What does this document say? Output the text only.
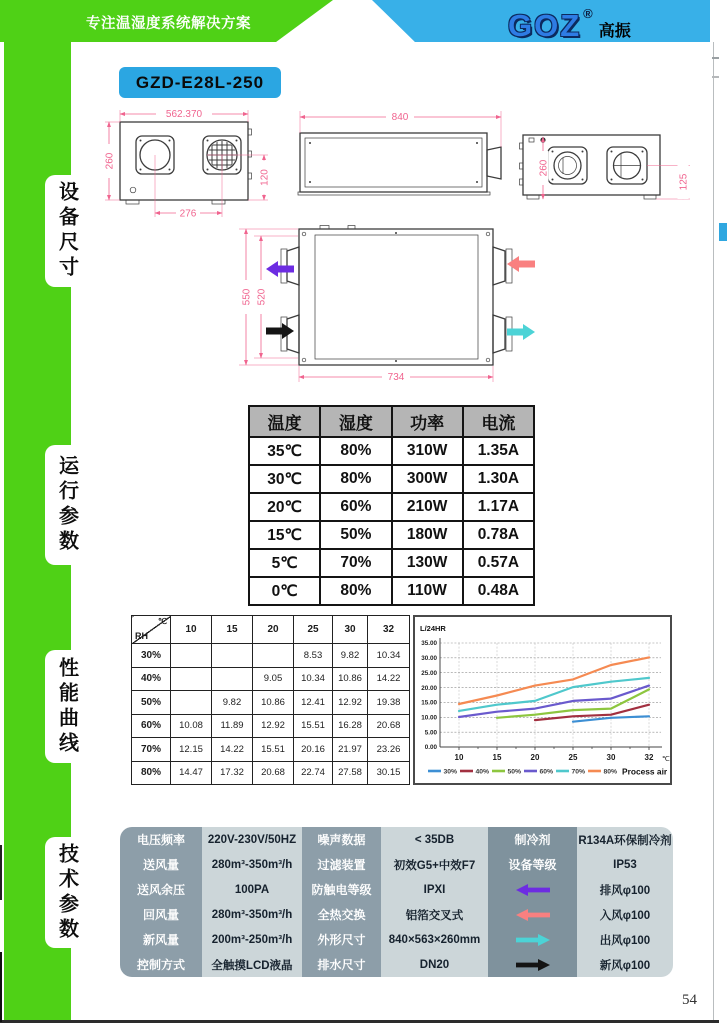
专注温湿度系统解决方案	GOZ ®高振
设备尺寸
运行参数
性能曲线
技术参数
GZD-E28L-250
562.370
260
276
120
840
260
125
550 520
734
温度	湿度	功率	电流
35℃	80%	310W	1.35A
30℃	80%	300W	1.30A
20℃	60%	210W	1.17A
15℃	50%	180W	0.78A
5℃	70%	130W	0.57A
0℃	80%	110W	0.48A
℃
RH	10	15	20	25	30	32
30%				8.53	9.82	10.34
40%			9.05	10.34	10.86	14.22
50%		9.82	10.86	12.41	12.92	19.38
60%	10.08	11.89	12.92	15.51	16.28	20.68
70%	12.15	14.22	15.51	20.16	21.97	23.26
80%	14.47	17.32	20.68	22.74	27.58	30.15
0.00
5.00
10.00
15.00
20.00
25.00
30.00
35.00
10	15	20	25	30	32
L/24HR
℃
30%	40%	50%	60%	70%	80% Process air
电压频率	220V-230V/50HZ	噪声数据	< 35DB	制冷剂	R134A环保制冷剂
送风量	280m³-350m³/h	过滤装置	初效G5+中效F7	设备等级	IP53
送风余压	100PA	防触电等级	IPXI	排风φ100
回风量	280m³-350m³/h	全热交换	铝箔交叉式	入风φ100
新风量	200m³-250m³/h	外形尺寸	840×563×260mm	出风φ100
控制方式	全触摸LCD液晶	排水尺寸	DN20	新风φ100
54
